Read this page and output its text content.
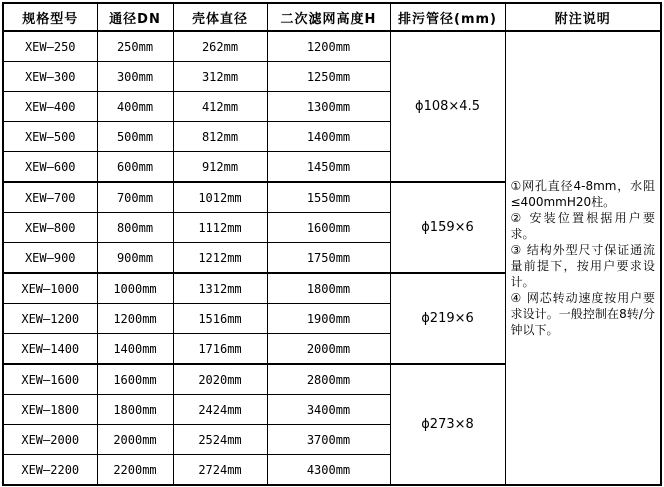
规格型号	通径DN	壳体直径	二次滤网高度H	排污管径(mm)	附注说明
XEW—250	250mm	262mm	1200mm	ϕ108×4.5	①网孔直径4-8mm，水阻≤400mmH20柱。

② 安装位置根据用户要求。

③ 结构外型尺寸保证通流量前提下，按用户要求设计。

④ 网芯转动速度按用户要求设计。一般控制在8转/分钟以下。

XEW—300	300mm	312mm	1250mm		
XEW—400	400mm	412mm	1300mm		
XEW—500	500mm	812mm	1400mm		
XEW—600	600mm	912mm	1450mm		
XEW—700	700mm	1012mm	1550mm	ϕ159×6	
XEW—800	800mm	1112mm	1600mm		
XEW—900	900mm	1212mm	1750mm		
XEW—1000	1000mm	1312mm	1800mm	ϕ219×6	
XEW—1200	1200mm	1516mm	1900mm		
XEW—1400	1400mm	1716mm	2000mm		
XEW—1600	1600mm	2020mm	2800mm	ϕ273×8	
XEW—1800	1800mm	2424mm	3400mm		
XEW—2000	2000mm	2524mm	3700mm		
XEW—2200	2200mm	2724mm	4300mm		
